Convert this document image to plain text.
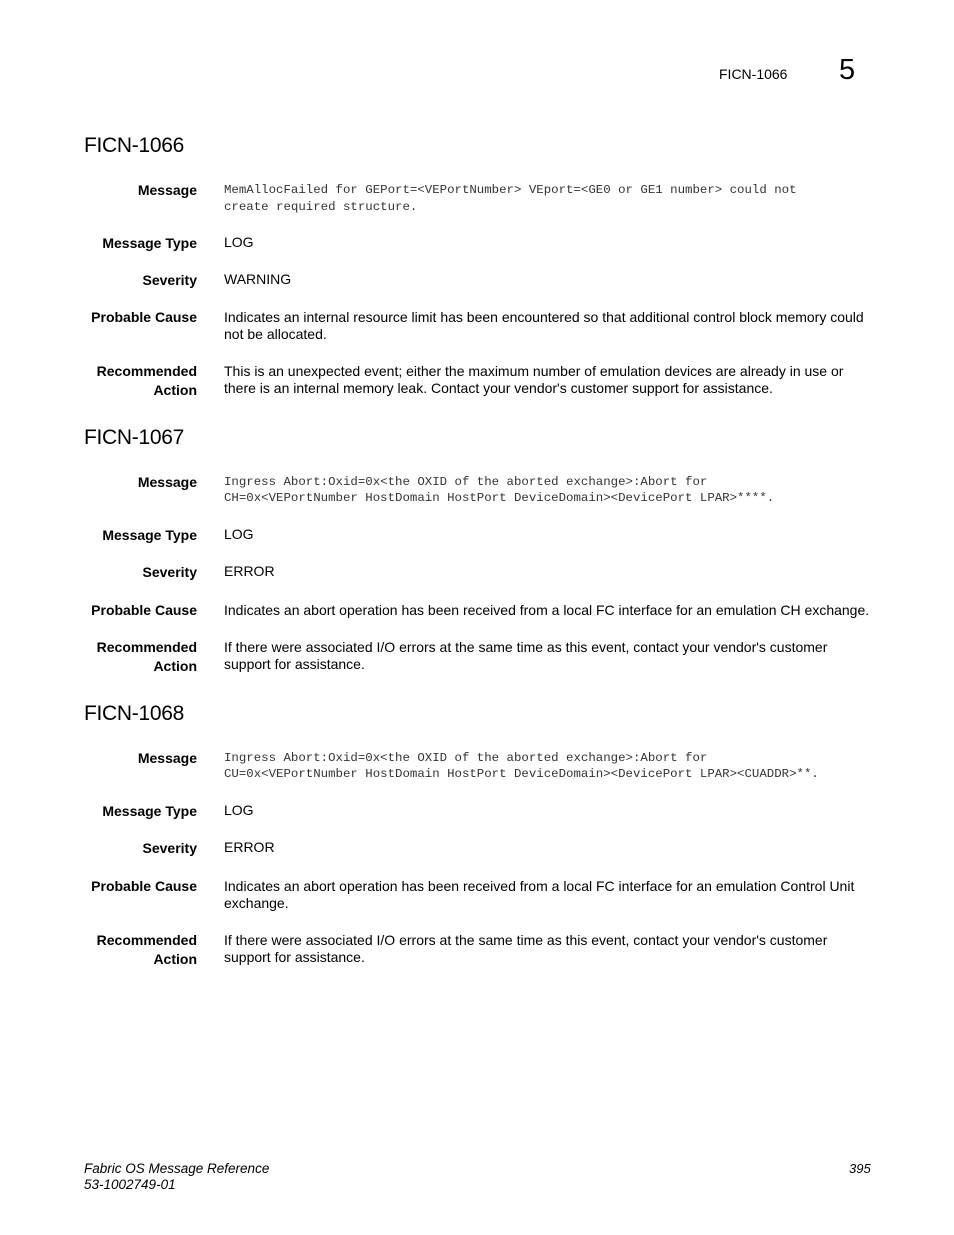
FICN-1066 5
FICN-1066
Message MemAllocFailed for GEPort=<VEPortNumber> VEport=<GE0 or GE1 number> could not
create required structure.
Message Type LOG
Severity WARNING
Probable Cause Indicates an internal resource limit has been encountered so that additional control block memory could not be allocated.
Recommended
Action
This is an unexpected event; either the maximum number of emulation devices are already in use or there is an internal memory leak. Contact your vendor's customer support for assistance.
FICN-1067
Message Ingress Abort:Oxid=0x<the OXID of the aborted exchange>:Abort for
CH=0x<VEPortNumber HostDomain HostPort DeviceDomain><DevicePort LPAR>****.
Message Type LOG
Severity ERROR
Probable Cause Indicates an abort operation has been received from a local FC interface for an emulation CH exchange.
Recommended
Action
If there were associated I/O errors at the same time as this event, contact your vendor's customer support for assistance.
FICN-1068
Message Ingress Abort:Oxid=0x<the OXID of the aborted exchange>:Abort for
CU=0x<VEPortNumber HostDomain HostPort DeviceDomain><DevicePort LPAR><CUADDR>**.
Message Type LOG
Severity ERROR
Probable Cause Indicates an abort operation has been received from a local FC interface for an emulation Control Unit exchange.
Recommended
Action
If there were associated I/O errors at the same time as this event, contact your vendor's customer support for assistance.
Fabric OS Message Reference
53-1002749-01
395
